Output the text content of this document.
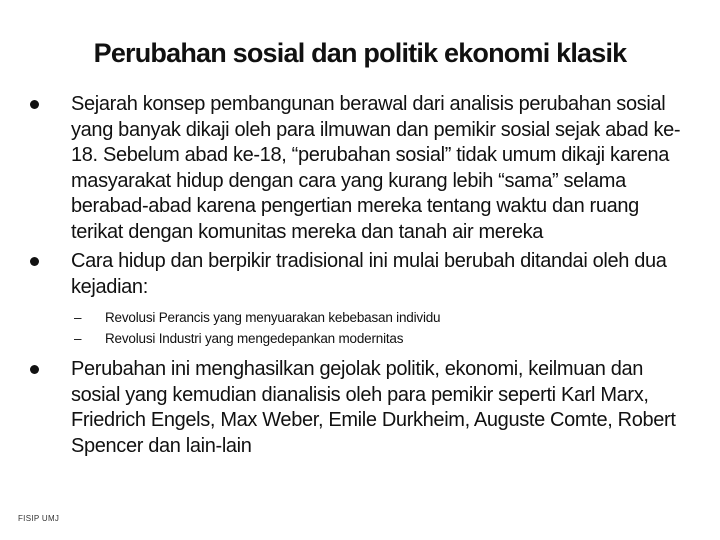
Perubahan sosial dan politik ekonomi klasik
Sejarah konsep pembangunan berawal dari analisis perubahan sosial yang banyak dikaji oleh para ilmuwan dan pemikir sosial sejak abad ke-18. Sebelum abad ke-18, “perubahan sosial” tidak umum dikaji karena masyarakat hidup dengan cara yang kurang lebih “sama” selama berabad-abad karena pengertian mereka tentang waktu dan ruang terikat dengan komunitas mereka dan tanah air mereka
Cara hidup dan berpikir tradisional ini mulai berubah ditandai oleh dua kejadian:
– Revolusi Perancis yang menyuarakan kebebasan individu
– Revolusi Industri yang mengedepankan modernitas
Perubahan ini menghasilkan gejolak politik, ekonomi, keilmuan dan sosial yang kemudian dianalisis oleh para pemikir seperti Karl Marx, Friedrich Engels, Max Weber, Emile Durkheim, Auguste Comte, Robert Spencer dan lain-lain
FISIP UMJ
